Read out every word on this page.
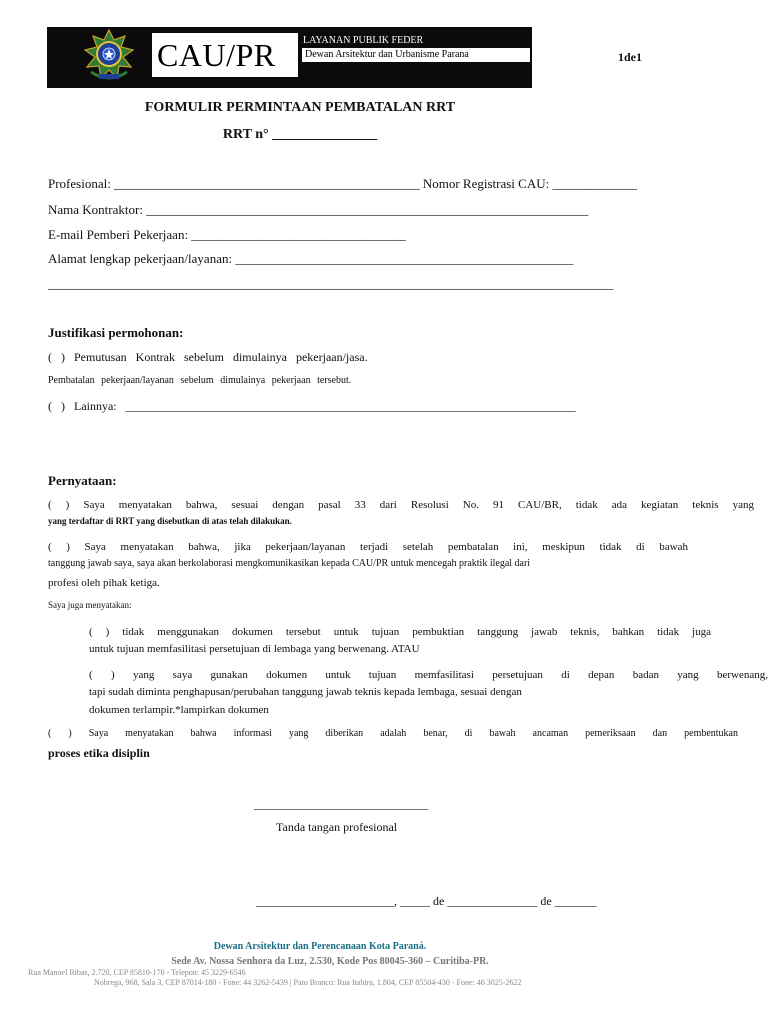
CAU/PR	LAYANAN PUBLIK FEDER
Dewan Arsitektur dan Urbanisme Parana	1de1
FORMULIR PERMINTAAN PEMBATALAN RRT
RRT n° _______________
Profesional: _______________________________________________ Nomor Registrasi CAU: _____________
Nama Kontraktor: ____________________________________________________________________
E-mail Pemberi Pekerjaan: _________________________________
Alamat lengkap pekerjaan/layanan: ____________________________________________________
_______________________________________________________________________________________
Justifikasi permohonan:
( ) Pemutusan Kontrak sebelum dimulainya pekerjaan/jasa.
Pembatalan pekerjaan/layanan sebelum dimulainya pekerjaan tersebut.
( ) Lainnya: ___________________________________________________________________________
Pernyataan:
( ) Saya menyatakan bahwa, sesuai dengan pasal 33 dari Resolusi No. 91 CAU/BR, tidak ada kegiatan teknis yang
yang terdaftar di RRT yang disebutkan di atas telah dilakukan.
( ) Saya menyatakan bahwa, jika pekerjaan/layanan terjadi setelah pembatalan ini, meskipun tidak di bawah
tanggung jawab saya, saya akan berkolaborasi mengkomunikasikan kepada CAU/PR untuk mencegah praktik ilegal dari
profesi oleh pihak ketiga.
Saya juga menyatakan:
( ) tidak menggunakan dokumen tersebut untuk tujuan pembuktian tanggung jawab teknis, bahkan tidak juga
untuk tujuan memfasilitasi persetujuan di lembaga yang berwenang. ATAU
( ) yang saya gunakan dokumen untuk tujuan memfasilitasi persetujuan di depan badan yang berwenang,
tapi sudah diminta penghapusan/perubahan tanggung jawab teknis kepada lembaga, sesuai dengan
dokumen terlampir.*lampirkan dokumen
( ) Saya menyatakan bahwa informasi yang diberikan adalah benar, di bawah ancaman pemeriksaan dan pembentukan
proses etika disiplin
_____________________________
Tanda tangan profesional
_______________________, _____ de _______________ de _______
Dewan Arsitektur dan Perencanaan Kota Paraná.
Sede Av. Nossa Senhora da Luz, 2.530, Kode Pos 80045-360 – Curitiba-PR.
Rua Manoel Ribas, 2.720, CEP 85810-170 - Telepon: 45 3229-6546
Nobrega, 968, Sala 3, CEP 87014-180 - Fone: 44 3262-5439 | Pato Branco: Rua Itabira, 1.804, CEP 85504-430 - Fone: 46 3025-2622
